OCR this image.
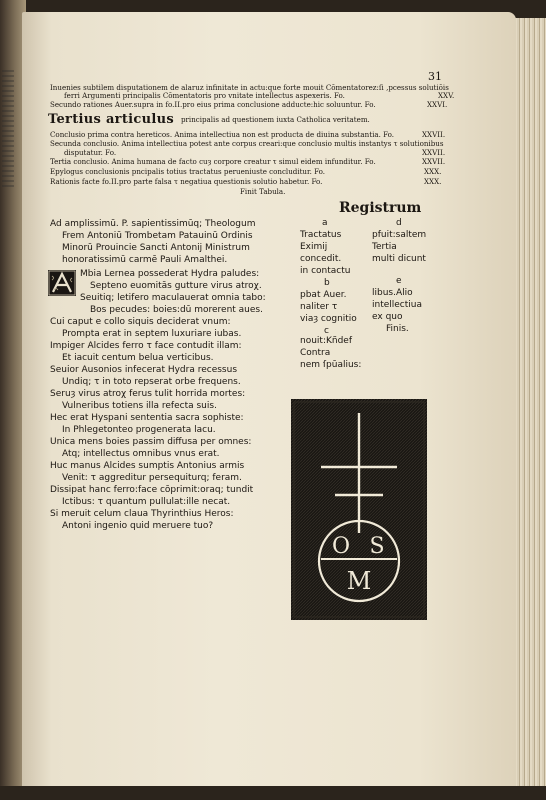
31
Inuenies subtilem disputationem de alaruz infinitate in actu:que forte mouit Cōmentatorez:ſi ,pcessus solutiōis
ferri Argumenti principalis Cōmentatoris pro vnitate intellectus aspexeris. Fo.	XXV.
Secundo rationes Auer.supra in fo.II.pro eius prima conclusione adducte:hic soluuntur. Fo.	XXVI.
Tertius articulus principalis ad questionem iuxta Catholica veritatem.
Conclusio prima contra hereticos. Anima intellectiua non est producta de diuina substantia. Fo.	XXVII.
Secunda conclusio. Anima intellectiua potest ante corpus creari:que conclusio multis instantys τ solutionibus
disputatur. Fo.	XXVII.
Tertia conclusio. Anima humana de facto cuȝ corpore creatur τ simul eidem infunditur. Fo.	XXVII.
Epylogus conclusionis pncipalis totius tractatus perueniuste concluditur. Fo.	XXX.
Rationis facte fo.II.pro parte falsa τ negatiua questionis solutio habetur. Fo.	XXX.
Finit Tabula.
Ad amplissimū. P. sapientissimūq; Theologum
Frem Antoniū Trombetam Patauinū Ordinis
Minorū Prouincie Sancti Antonij Ministrum
honoratissimū carmē Pauli Amalthei.
A	Mbia Lernea possederat Hydra paludes:
Septeno euomitās gutture virus atroχ.
Seuitiq; letifero maculauerat omnia tabo:
Bos pecudes: boies:dū morerent aues.
Cui caput e collo siquis deciderat vnum:
Prompta erat in septem luxuriare iubas.
Impiger Alcides ferro τ face contudit illam:
Et iacuit centum belua verticibus.
Seuior Ausonios infecerat Hydra recessus
Undiq; τ in toto repserat orbe frequens.
Seruȝ virus atroχ ferus tulit horrida mortes:
Vulneribus totiens illa refecta suis.
Hec erat Hyspani sententia sacra sophiste:
In Phlegetonteo progenerata lacu.
Unica mens boies passim diffusa per omnes:
Atq; intellectus omnibus vnus erat.
Huc manus Alcides sumptis Antonius armis
Venit: τ aggreditur persequiturq; feram.
Dissipat hanc ferro:face cōprimit:oraq; tundit
Ictibus: τ quantum pullulat:ille necat.
Si meruit celum claua Thyrinthius Heros:
Antoni ingenio quid meruere tuo?
Registrum
a
Tractatus
Eximij
concedit.
in contactu
b
pbat Auer.
naliter τ
viaȝ cognitio
c
nouit:Kñdef
Contra
nem ſpūalius:
d
pfuit:saltem
Tertia
multi dicunt
e
libus.Alio
intellectiua
ex quo
Finis.
O S
M
